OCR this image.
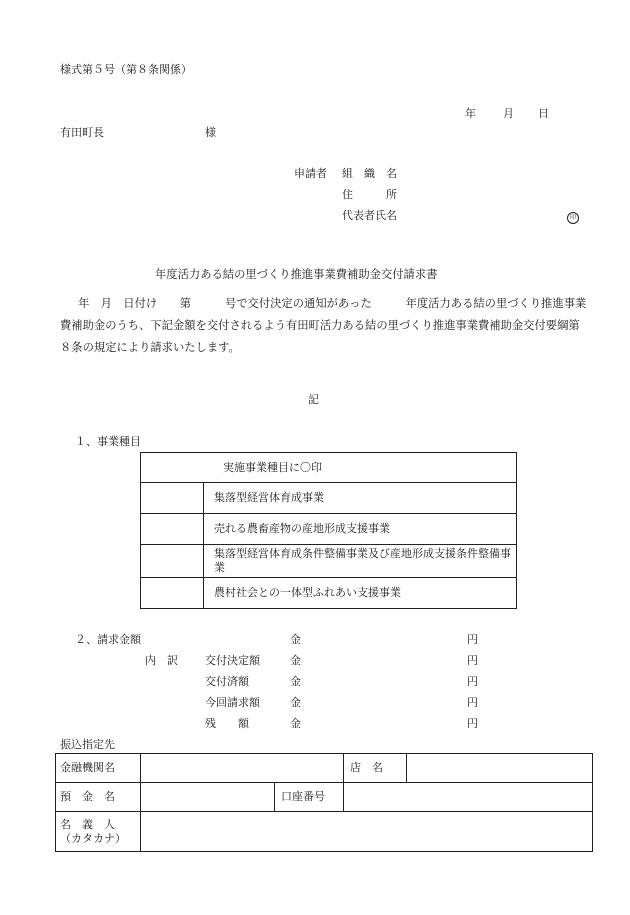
様式第５号（第８条関係）
年 月 日
有田町長	様
申請者 組　織　名
住　　　所
代表者氏名	印
年度活力ある結の里づくり推進事業費補助金交付請求書
年　月　日付け　　第　　　号で交付決定の通知があった　　　年度活力ある結の里づくり推進事業費補助金のうち、下記金額を交付されるよう有田町活力ある結の里づくり推進事業費補助金交付要綱第８条の規定により請求いたします。
記
１、事業種目
実施事業種目に〇印	
	集落型経営体育成事業
	売れる農畜産物の産地形成支援事業
	集落型経営体育成条件整備事業及び産地形成支援条件整備事業
	農村社会との一体型ふれあい支援事業
２、請求金額	金	円
内　訳 交付決定額	金	円
交付済額	金	円
今回請求額	金	円
残　　額	金	円
振込指定先
金融機関名			店　名	
預　金　名		口座番号		

名　義　人
（カタカナ）				
